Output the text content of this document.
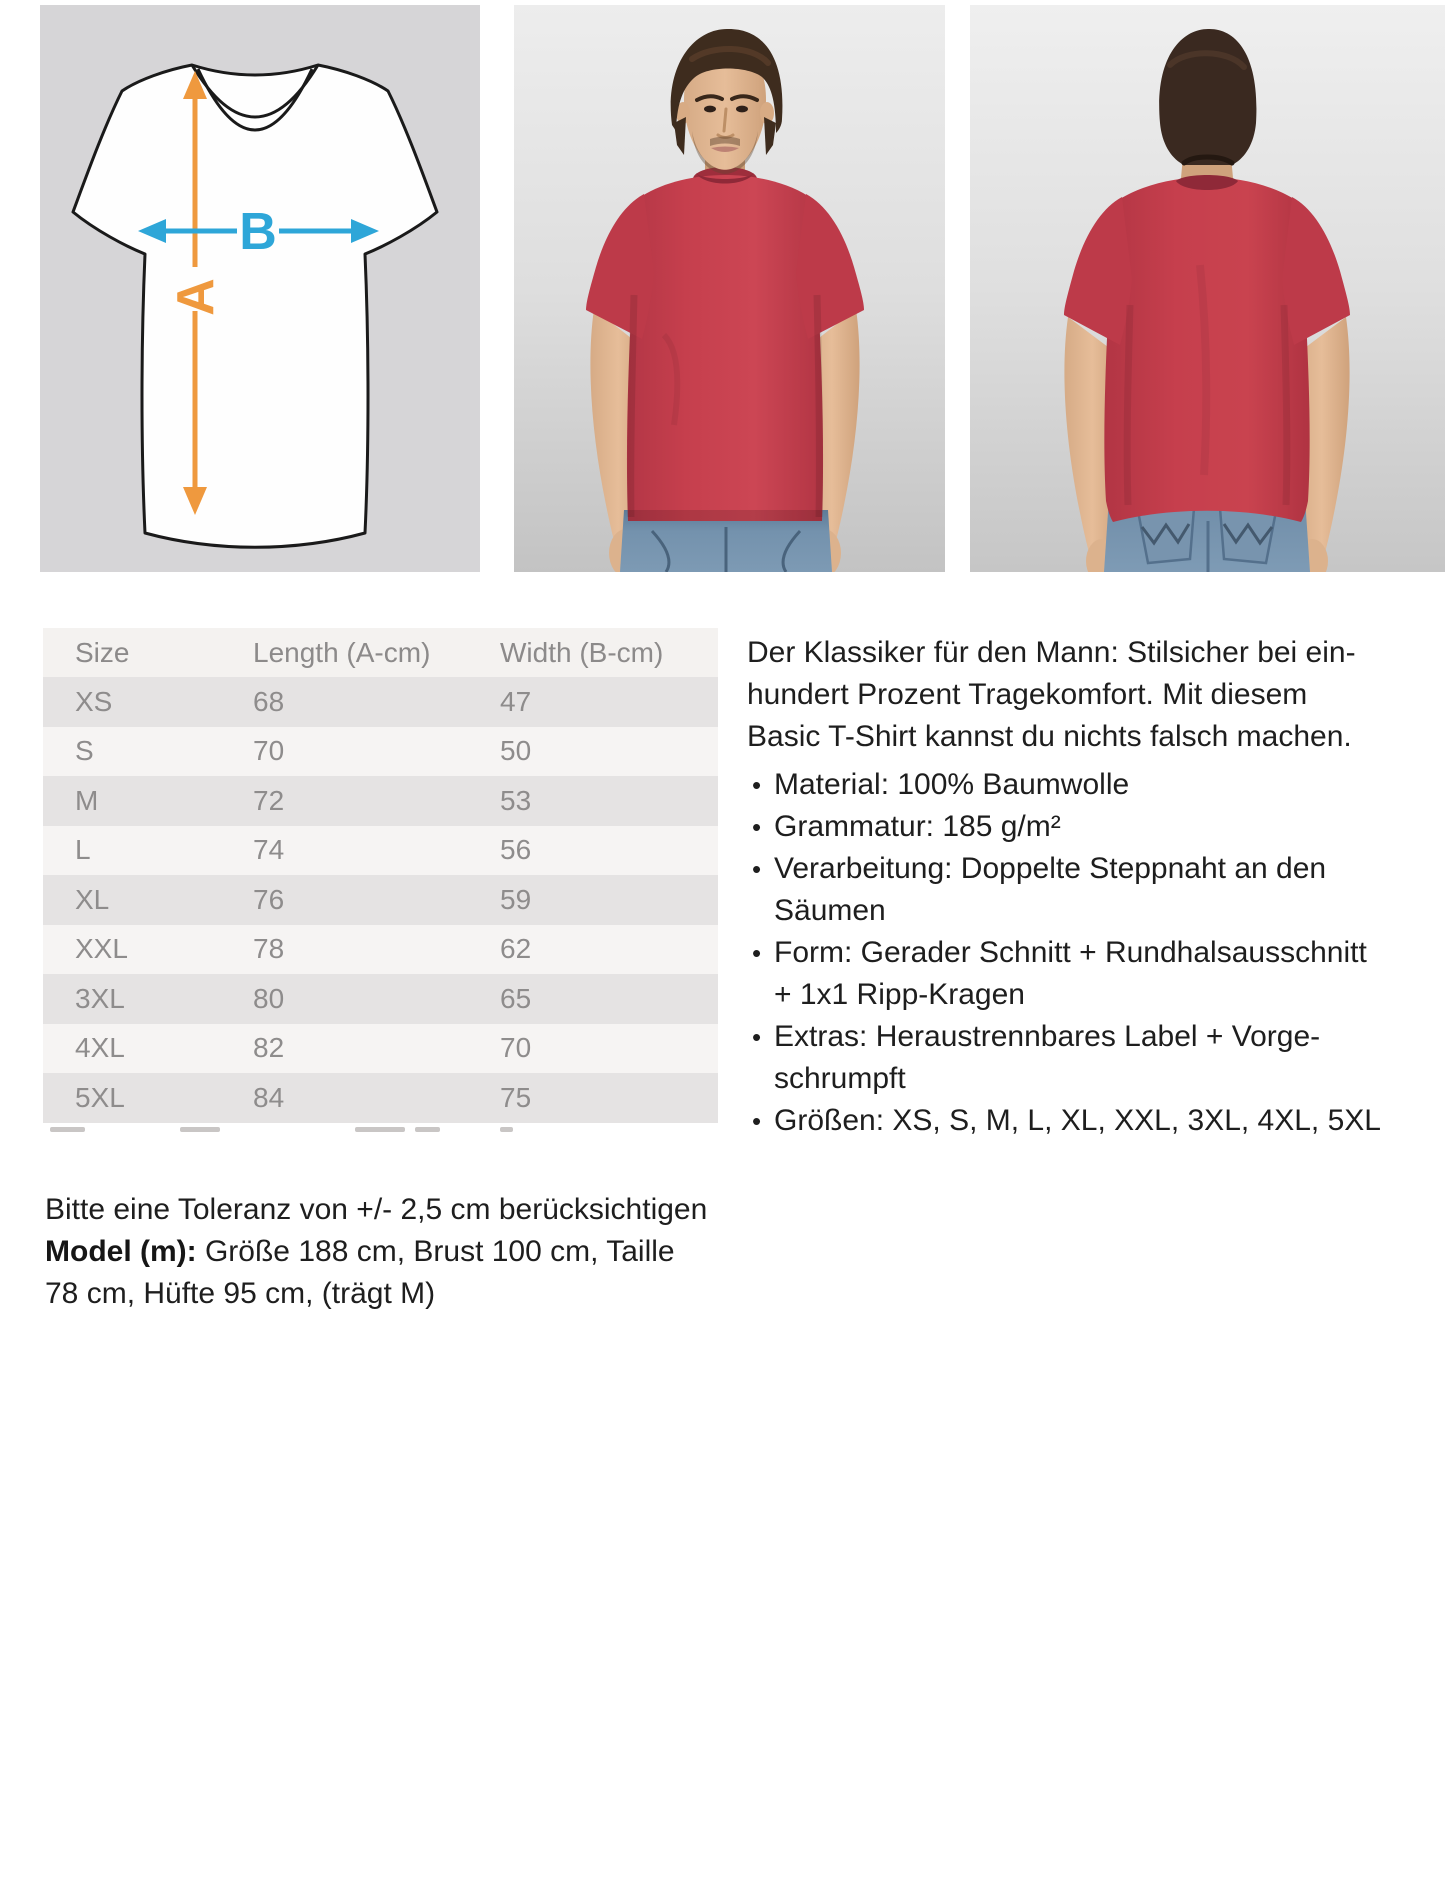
A
B
Size	Length (A-cm)	Width (B-cm)
XS	68	47
S	70	50
M	72	53
L	74	56
XL	76	59
XXL	78	62
3XL	80	65
4XL	82	70
5XL	84	75

Der Klassiker für den Mann: Stilsicher bei ein-
hundert Prozent Tragekomfort. Mit diesem
Basic T-Shirt kannst du nichts falsch machen.

• Material: 100% Baumwolle
• Grammatur: 185 g/m²
• Verarbeitung: Doppelte Steppnaht an den
Säumen
• Form: Gerader Schnitt + Rundhalsausschnitt
+ 1x1 Ripp-Kragen
• Extras: Heraustrennbares Label + Vorge-
schrumpft
• Größen: XS, S, M, L, XL, XXL, 3XL, 4XL, 5XL
Bitte eine Toleranz von +/- 2,5 cm berücksichtigen
Model (m): Größe 188 cm, Brust 100 cm, Taille
78 cm, Hüfte 95 cm, (trägt M)
